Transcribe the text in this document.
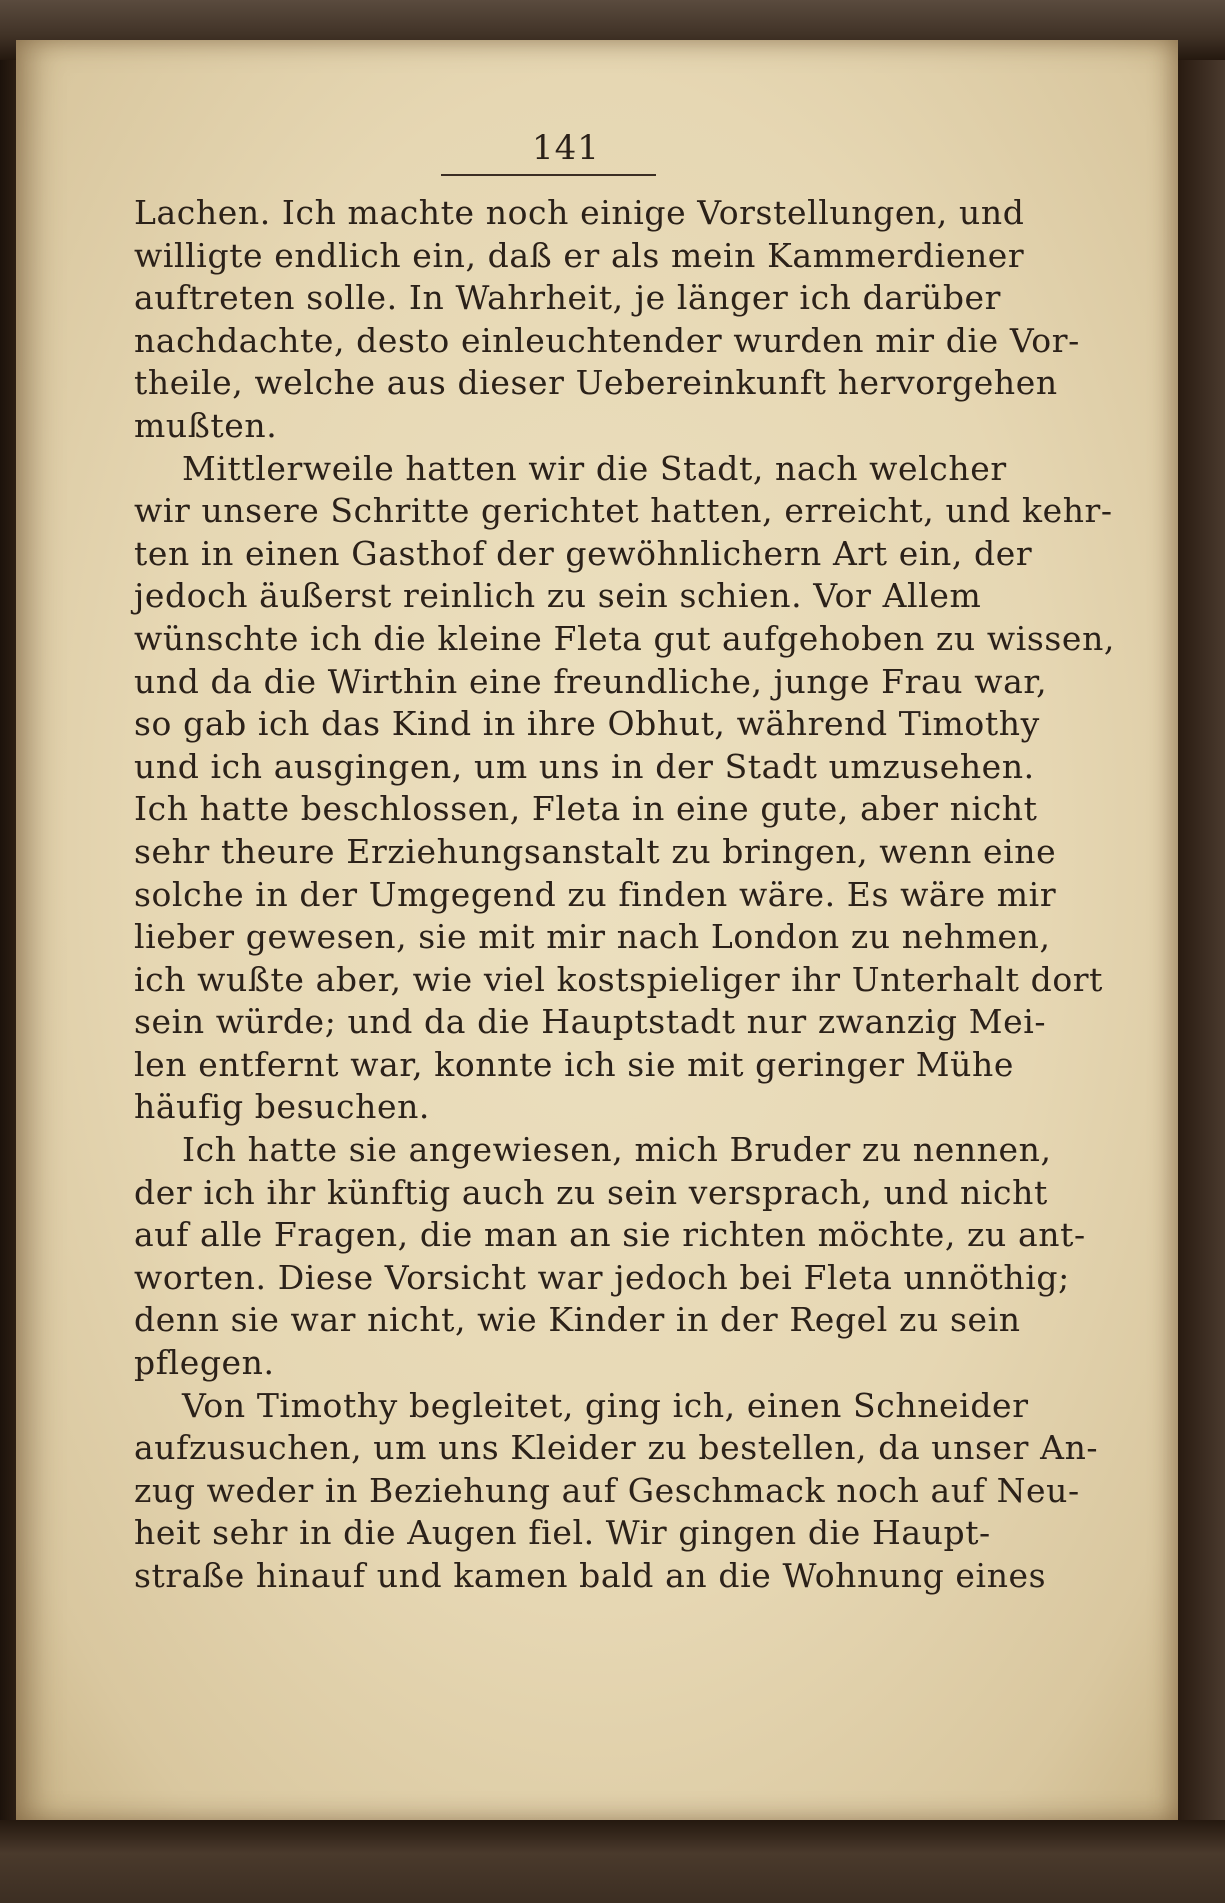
141
Lachen. Ich machte noch einige Vorstellungen, und
willigte endlich ein, daß er als mein Kammerdiener
auftreten solle. In Wahrheit, je länger ich darüber
nachdachte, desto einleuchtender wurden mir die Vor-
theile, welche aus dieser Uebereinkunft hervorgehen
mußten.
Mittlerweile hatten wir die Stadt, nach welcher
wir unsere Schritte gerichtet hatten, erreicht, und kehr-
ten in einen Gasthof der gewöhnlichern Art ein, der
jedoch äußerst reinlich zu sein schien. Vor Allem
wünschte ich die kleine Fleta gut aufgehoben zu wissen,
und da die Wirthin eine freundliche, junge Frau war,
so gab ich das Kind in ihre Obhut, während Timothy
und ich ausgingen, um uns in der Stadt umzusehen.
Ich hatte beschlossen, Fleta in eine gute, aber nicht
sehr theure Erziehungsanstalt zu bringen, wenn eine
solche in der Umgegend zu finden wäre. Es wäre mir
lieber gewesen, sie mit mir nach London zu nehmen,
ich wußte aber, wie viel kostspieliger ihr Unterhalt dort
sein würde; und da die Hauptstadt nur zwanzig Mei-
len entfernt war, konnte ich sie mit geringer Mühe
häufig besuchen.
Ich hatte sie angewiesen, mich Bruder zu nennen,
der ich ihr künftig auch zu sein versprach, und nicht
auf alle Fragen, die man an sie richten möchte, zu ant-
worten. Diese Vorsicht war jedoch bei Fleta unnöthig;
denn sie war nicht, wie Kinder in der Regel zu sein
pflegen.
Von Timothy begleitet, ging ich, einen Schneider
aufzusuchen, um uns Kleider zu bestellen, da unser An-
zug weder in Beziehung auf Geschmack noch auf Neu-
heit sehr in die Augen fiel. Wir gingen die Haupt-
straße hinauf und kamen bald an die Wohnung eines
